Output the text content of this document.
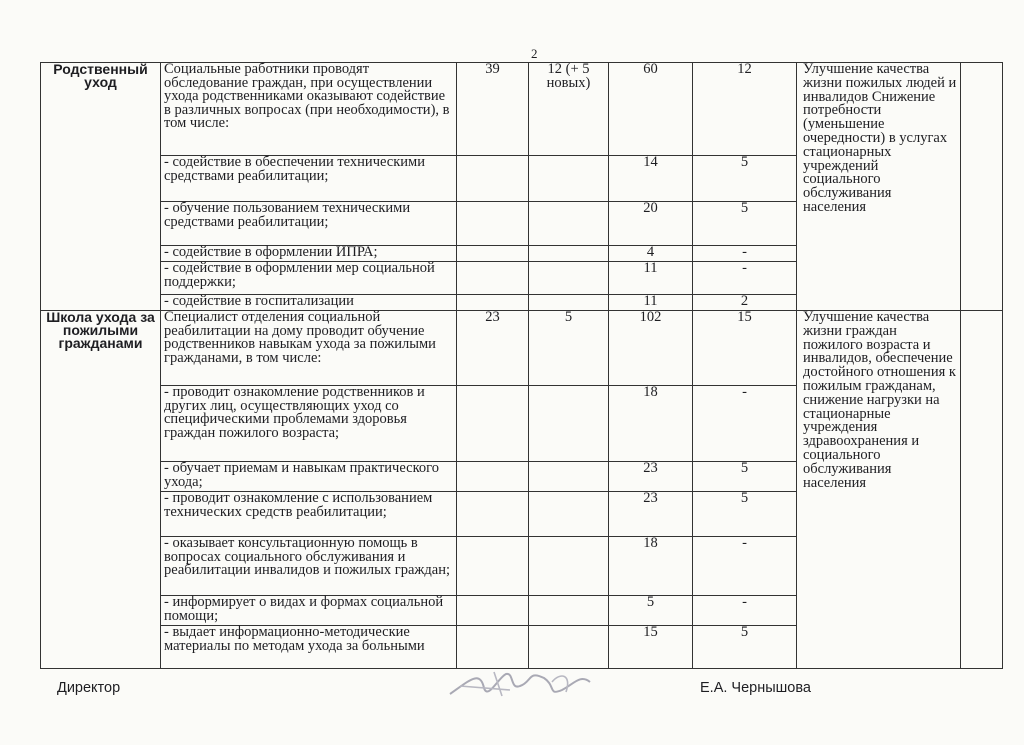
2
Родственный уход	Социальные работники проводят обследование граждан, при осуществлении ухода родственниками оказывают содействие в различных вопросах (при необходимости), в том числе:	39	12 (+ 5 новых)	60	12	Улучшение качества жизни пожилых людей и инвалидов Снижение потребности (уменьшение очередности) в услугах стационарных учреждений социального обслуживания населения	
	- содействие в обеспечении техническими средствами реабилитации;			14	5		
	- обучение пользованием техническими средствами реабилитации;			20	5		
	- содействие в оформлении ИПРА;			4	-		
	- содействие в оформлении мер социальной поддержки;			11	-		
	- содействие в госпитализации			11	2		
Школа ухода за пожилыми гражданами	Специалист отделения социальной реабилитации на дому проводит обучение родственников навыкам ухода за пожилыми гражданами, в том числе:	23	5	102	15	Улучшение качества жизни граждан пожилого возраста и инвалидов, обеспечение достойного отношения к пожилым гражданам, снижение нагрузки на стационарные учреждения здравоохранения и социального обслуживания населения	
	- проводит ознакомление родственников и других лиц, осуществляющих уход со специфическими проблемами здоровья граждан пожилого возраста;			18	-		
	- обучает приемам и навыкам практического ухода;			23	5		
	- проводит ознакомление с использованием технических средств реабилитации;			23	5		
	- оказывает консультационную помощь в вопросах социального обслуживания и реабилитации инвалидов и пожилых граждан;			18	-		
	- информирует о видах и формах социальной помощи;			5	-		
	- выдает информационно-методические материалы по методам ухода за больными			15	5		
Директор	Е.А. Чернышова
